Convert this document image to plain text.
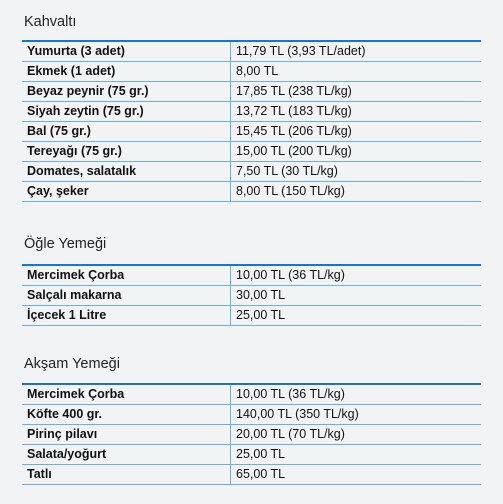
Kahvaltı
Yumurta (3 adet)	11,79 TL (3,93 TL/adet)
Ekmek (1 adet)	8,00 TL
Beyaz peynir (75 gr.)	17,85 TL (238 TL/kg)
Siyah zeytin (75 gr.)	13,72 TL (183 TL/kg)
Bal (75 gr.)	15,45 TL (206 TL/kg)
Tereyağı (75 gr.)	15,00 TL (200 TL/kg)
Domates, salatalık	7,50 TL (30 TL/kg)
Çay, şeker	8,00 TL (150 TL/kg)
Öğle Yemeği
Mercimek Çorba	10,00 TL (36 TL/kg)
Salçalı makarna	30,00 TL
İçecek 1 Litre	25,00 TL
Akşam Yemeği
Mercimek Çorba	10,00 TL (36 TL/kg)
Köfte 400 gr.	140,00 TL (350 TL/kg)
Pirinç pilavı	20,00 TL (70 TL/kg)
Salata/yoğurt	25,00 TL
Tatlı	65,00 TL
